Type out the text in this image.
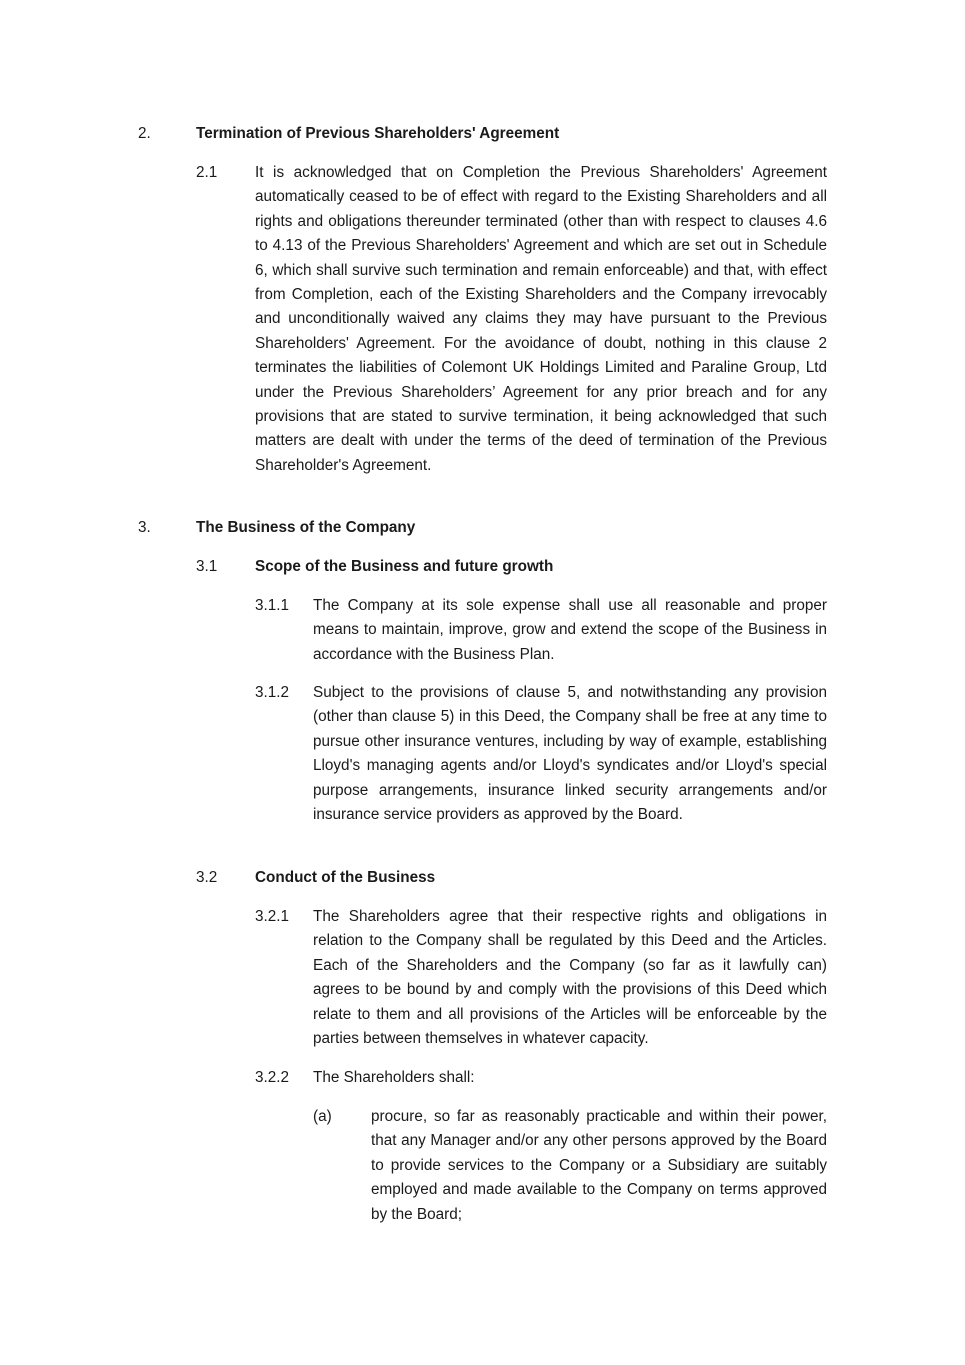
2.	Termination of Previous Shareholders' Agreement
2.1 It is acknowledged that on Completion the Previous Shareholders' Agreement automatically ceased to be of effect with regard to the Existing Shareholders and all rights and obligations thereunder terminated (other than with respect to clauses 4.6 to 4.13 of the Previous Shareholders' Agreement and which are set out in Schedule 6, which shall survive such termination and remain enforceable) and that, with effect from Completion, each of the Existing Shareholders and the Company irrevocably and unconditionally waived any claims they may have pursuant to the Previous Shareholders' Agreement. For the avoidance of doubt, nothing in this clause 2 terminates the liabilities of Colemont UK Holdings Limited and Paraline Group, Ltd under the Previous Shareholders’ Agreement for any prior breach and for any provisions that are stated to survive termination, it being acknowledged that such matters are dealt with under the terms of the deed of termination of the Previous Shareholder's Agreement.
3.	The Business of the Company
3.1 Scope of the Business and future growth
3.1.1 The Company at its sole expense shall use all reasonable and proper means to maintain, improve, grow and extend the scope of the Business in accordance with the Business Plan.
3.1.2 Subject to the provisions of clause 5, and notwithstanding any provision (other than clause 5) in this Deed, the Company shall be free at any time to pursue other insurance ventures, including by way of example, establishing Lloyd's managing agents and/or Lloyd's syndicates and/or Lloyd's special purpose arrangements, insurance linked security arrangements and/or insurance service providers as approved by the Board.
3.2 Conduct of the Business
3.2.1 The Shareholders agree that their respective rights and obligations in relation to the Company shall be regulated by this Deed and the Articles. Each of the Shareholders and the Company (so far as it lawfully can) agrees to be bound by and comply with the provisions of this Deed which relate to them and all provisions of the Articles will be enforceable by the parties between themselves in whatever capacity.
3.2.2 The Shareholders shall:
(a)	procure, so far as reasonably practicable and within their power, that any Manager and/or any other persons approved by the Board to provide services to the Company or a Subsidiary are suitably employed and made available to the Company on terms approved by the Board;
